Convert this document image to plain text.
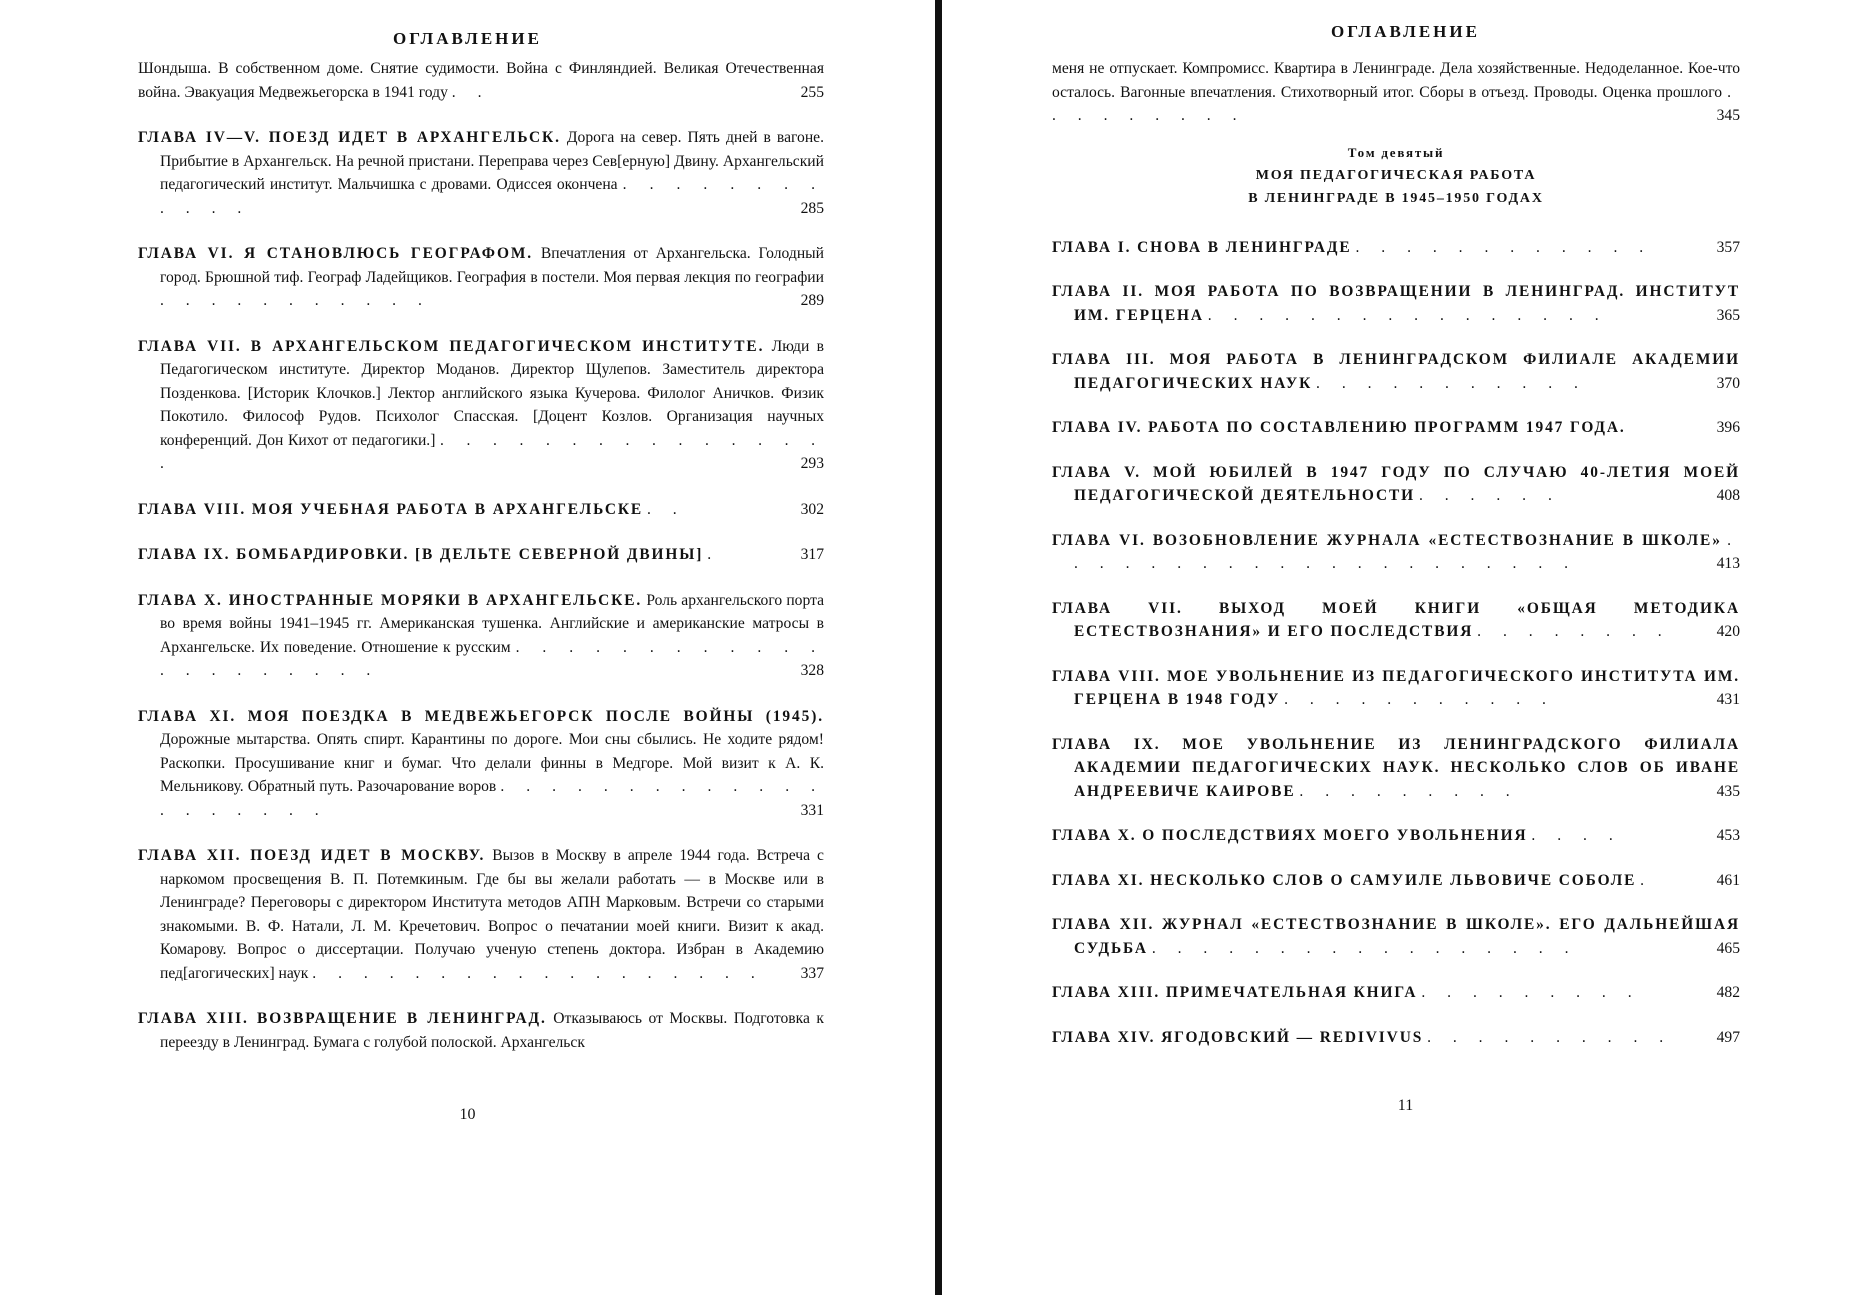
ОГЛАВЛЕНИЕ
Шондыша. В собственном доме. Снятие судимости. Война с Финляндией. Великая Отечественная война. Эвакуация Медвежьегорска в 1941 году . .	255
ГЛАВА IV—V. ПОЕЗД ИДЕТ В АРХАНГЕЛЬСК. Дорога на север. Пять дней в вагоне. Прибытие в Архангельск. На речной пристани. Переправа через Сев[ерную] Двину. Архангельский педагогический институт. Мальчишка с дровами. Одиссея окончена . . . . . . . . . . . .	285
ГЛАВА VI. Я СТАНОВЛЮСЬ ГЕОГРАФОМ. Впечатления от Архангельска. Голодный город. Брюшной тиф. Географ Ладейщиков. География в постели. Моя первая лекция по географии . . . . . . . . . . .	289
ГЛАВА VII. В АРХАНГЕЛЬСКОМ ПЕДАГОГИЧЕСКОМ ИНСТИТУТЕ. Люди в Педагогическом институте. Директор Моданов. Директор Щулепов. Заместитель директора Позденкова. [Историк Клочков.] Лектор английского языка Кучерова. Филолог Аничков. Физик Покотило. Философ Рудов. Психолог Спасская. [Доцент Козлов. Организация научных конференций. Дон Кихот от педагогики.] . . . . . . . . . . . . . . . .	293
ГЛАВА VIII. МОЯ УЧЕБНАЯ РАБОТА В АРХАНГЕЛЬСКЕ . .	302
ГЛАВА IX. БОМБАРДИРОВКИ. [В ДЕЛЬТЕ СЕВЕРНОЙ ДВИНЫ] .	317
ГЛАВА X. ИНОСТРАННЫЕ МОРЯКИ В АРХАНГЕЛЬСКЕ. Роль архангельского порта во время войны 1941–1945 гг. Американская тушенка. Английские и американские матросы в Архангельске. Их поведение. Отношение к русским . . . . . . . . . . . . . . . . . . . . .	328
ГЛАВА XI. МОЯ ПОЕЗДКА В МЕДВЕЖЬЕГОРСК ПОСЛЕ ВОЙНЫ (1945). Дорожные мытарства. Опять спирт. Карантины по дороге. Мои сны сбылись. Не ходите рядом! Раскопки. Просушивание книг и бумаг. Что делали финны в Медгоре. Мой визит к А. К. Мельникову. Обратный путь. Разочарование воров . . . . . . . . . . . . . . . . . . . .	331
ГЛАВА XII. ПОЕЗД ИДЕТ В МОСКВУ. Вызов в Москву в апреле 1944 года. Встреча с наркомом просвещения В. П. Потемкиным. Где бы вы желали работать — в Москве или в Ленинграде? Переговоры с директором Института методов АПН Марковым. Встречи со старыми знакомыми. В. Ф. Натали, Л. М. Кречетович. Вопрос о печатании моей книги. Визит к акад. Комарову. Вопрос о диссертации. Получаю ученую степень доктора. Избран в Академию пед[агогических] наук . . . . . . . . . . . . . . . . . . 337
ГЛАВА XIII. ВОЗВРАЩЕНИЕ В ЛЕНИНГРАД. Отказываюсь от Москвы. Подготовка к переезду в Ленинград. Бумага с голубой полоской. Архангельск
10
ОГЛАВЛЕНИЕ
меня не отпускает. Компромисс. Квартира в Ленинграде. Дела хозяйственные. Недоделанное. Кое-что осталось. Вагонные впечатления. Стихотворный итог. Сборы в отъезд. Проводы. Оценка прошлого . . . . . . . . .	345
Том девятый
МОЯ ПЕДАГОГИЧЕСКАЯ РАБОТА
В ЛЕНИНГРАДЕ В 1945–1950 ГОДАХ
ГЛАВА I. СНОВА В ЛЕНИНГРАДЕ . . . . . . . . . . . .	357
ГЛАВА II. МОЯ РАБОТА ПО ВОЗВРАЩЕНИИ В ЛЕНИНГРАД. ИНСТИТУТ ИМ. ГЕРЦЕНА . . . . . . . . . . . . . . . .	365
ГЛАВА III. МОЯ РАБОТА В ЛЕНИНГРАДСКОМ ФИЛИАЛЕ АКАДЕМИИ ПЕДАГОГИЧЕСКИХ НАУК . . . . . . . . . . .	370
ГЛАВА IV. РАБОТА ПО СОСТАВЛЕНИЮ ПРОГРАММ 1947 ГОДА.	396
ГЛАВА V. МОЙ ЮБИЛЕЙ В 1947 ГОДУ ПО СЛУЧАЮ 40-ЛЕТИЯ МОЕЙ ПЕДАГОГИЧЕСКОЙ ДЕЯТЕЛЬНОСТИ . . . . . .	408
ГЛАВА VI. ВОЗОБНОВЛЕНИЕ ЖУРНАЛА «ЕСТЕСТВОЗНАНИЕ В ШКОЛЕ» . . . . . . . . . . . . . . . . . . . . .	413
ГЛАВА VII. ВЫХОД МОЕЙ КНИГИ «ОБЩАЯ МЕТОДИКА ЕСТЕСТВОЗНАНИЯ» И ЕГО ПОСЛЕДСТВИЯ . . . . . . . .	420
ГЛАВА VIII. МОЕ УВОЛЬНЕНИЕ ИЗ ПЕДАГОГИЧЕСКОГО ИНСТИТУТА ИМ. ГЕРЦЕНА В 1948 ГОДУ . . . . . . . . . . .	431
ГЛАВА IX. МОЕ УВОЛЬНЕНИЕ ИЗ ЛЕНИНГРАДСКОГО ФИЛИАЛА АКАДЕМИИ ПЕДАГОГИЧЕСКИХ НАУК. НЕСКОЛЬКО СЛОВ ОБ ИВАНЕ АНДРЕЕВИЧЕ КАИРОВЕ . . . . . . . . .	435
ГЛАВА X. О ПОСЛЕДСТВИЯХ МОЕГО УВОЛЬНЕНИЯ . . . .	453
ГЛАВА XI. НЕСКОЛЬКО СЛОВ О САМУИЛЕ ЛЬВОВИЧЕ СОБОЛЕ .	461
ГЛАВА XII. ЖУРНАЛ «ЕСТЕСТВОЗНАНИЕ В ШКОЛЕ». ЕГО ДАЛЬНЕЙШАЯ СУДЬБА . . . . . . . . . . . . . . . . .	465
ГЛАВА XIII. ПРИМЕЧАТЕЛЬНАЯ КНИГА . . . . . . . . .	482
ГЛАВА XIV. ЯГОДОВСКИЙ — REDIVIVUS . . . . . . . . . .	497
11
